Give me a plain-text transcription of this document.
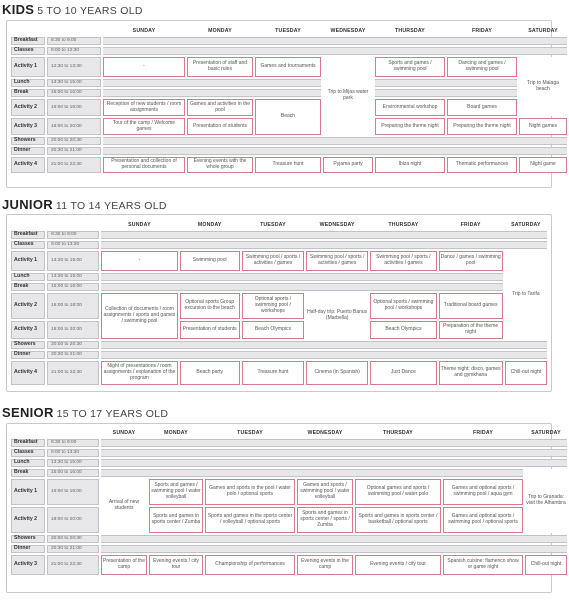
KIDS 5 TO 10 YEARS OLD
		SUNDAY	MONDAY	TUESDAY	WEDNESDAY	THURSDAY	FRIDAY	SATURDAY
Breakfast	8:30 to 9:00							
Classes	9:00 to 12:30							
Activity 1	12:30 to 13:30	-	Presentation of staff and basic rules	Games and tournaments	Trip to Mijas water park	Sports and games / swimming pool	Dancing and games / swimming pool	Trip to Malaga beach
Lunch	13:30 to 15:00							
Break	15:00 to 16:00							
Activity 2	16:00 to 18:00	Reception of new students / room assignments	Games and activities in the pool	Beach		Environmental workshop	Board games	
Activity 3	18:00 to 20:00	Tour of the camp / Welcome games	Presentation of students			Preparing the theme night	Preparing the theme night	Night games
Showers	20:00 to 20:30							
Dinner	20:30 to 21:00							
Activity 4	21:00 to 22:30	Presentation and collection of personal documents	Evening events with the whole group	Treasure hunt	Pyjama party	Ibiza night	Thematic performances	Night game
JUNIOR 11 TO 14 YEARS OLD
		SUNDAY	MONDAY	TUESDAY	WEDNESDAY	THURSDAY	FRIDAY	SATURDAY
Breakfast	8:30 to 9:00							
Classes	9:00 to 13:30							
Activity 1	13:30 to 15:00	-	Swimming pool	Swimming pool / sports / activities / games	Swimming pool / sports / activities / games	Swimming pool / sports / activities / games	Dance / games / swimming pool	Trip to Tarifa
Lunch	13:30 to 15:00							
Break	15:00 to 16:00							
Activity 2	16:00 to 18:00	Collection of documents / room assignments / sports and games / swimming pool	Optional sports Group excursion to the beach	Optional sports / swimming pool / workshops	Half-day trip: Puerto Banus (Marbella)	Optional sports / swimming pool / workshops	Traditional board games	
Activity 3	18:00 to 20:00		Presentation of students	Beach Olympics		Beach Olympics	Preparation of the theme night	
Showers	20:00 to 20:30							
Dinner	20:30 to 21:00							
Activity 4	21:00 to 22:30	Night of presentations / room assignments / explanation of the program	Beach party	Treasure hunt	Cinema (in Spanish)	Just Dance	Theme night: disco, games and gymkhana	Chill-out night
SENIOR 15 TO 17 YEARS OLD
		SUNDAY	MONDAY	TUESDAY	WEDNESDAY	THURSDAY	FRIDAY	SATURDAY
Breakfast	8:30 to 9:00							
Classes	9:00 to 13:30							
Lunch	13:30 to 15:00							
Break	15:00 to 16:00							Trip to Granada: visit the Alhambra
Activity 1	16:00 to 18:00	Arrival of new students	Sports and games / swimming pool / water volleyball	Games and sports in the pool / water polo / optional sports	Games and sports / swimming pool / water volleyball	Optional games and sports / swimming pool / water polo	Games and optional sports / swimming pool / aqua gym	
Activity 2	18:00 to 20:00		Sports and games in sports center / Zumba	Sports and games in the sports center / volleyball / optional sports	Sports and games in sports center / sports / Zumba	Sports and games in sports center / basketball / optional sports	Games and optional sports / swimming pool / optional sports	
Showers	20:00 to 20:30							
Dinner	20:30 to 21:00							
Activity 3	21:00 to 22:30	Presentation of the camp	Evening events / city tour	Championship of performances	Evening events in the camp	Evening events / city tour	Spanish cuisine: flamenco show or game night	Chill-out night
